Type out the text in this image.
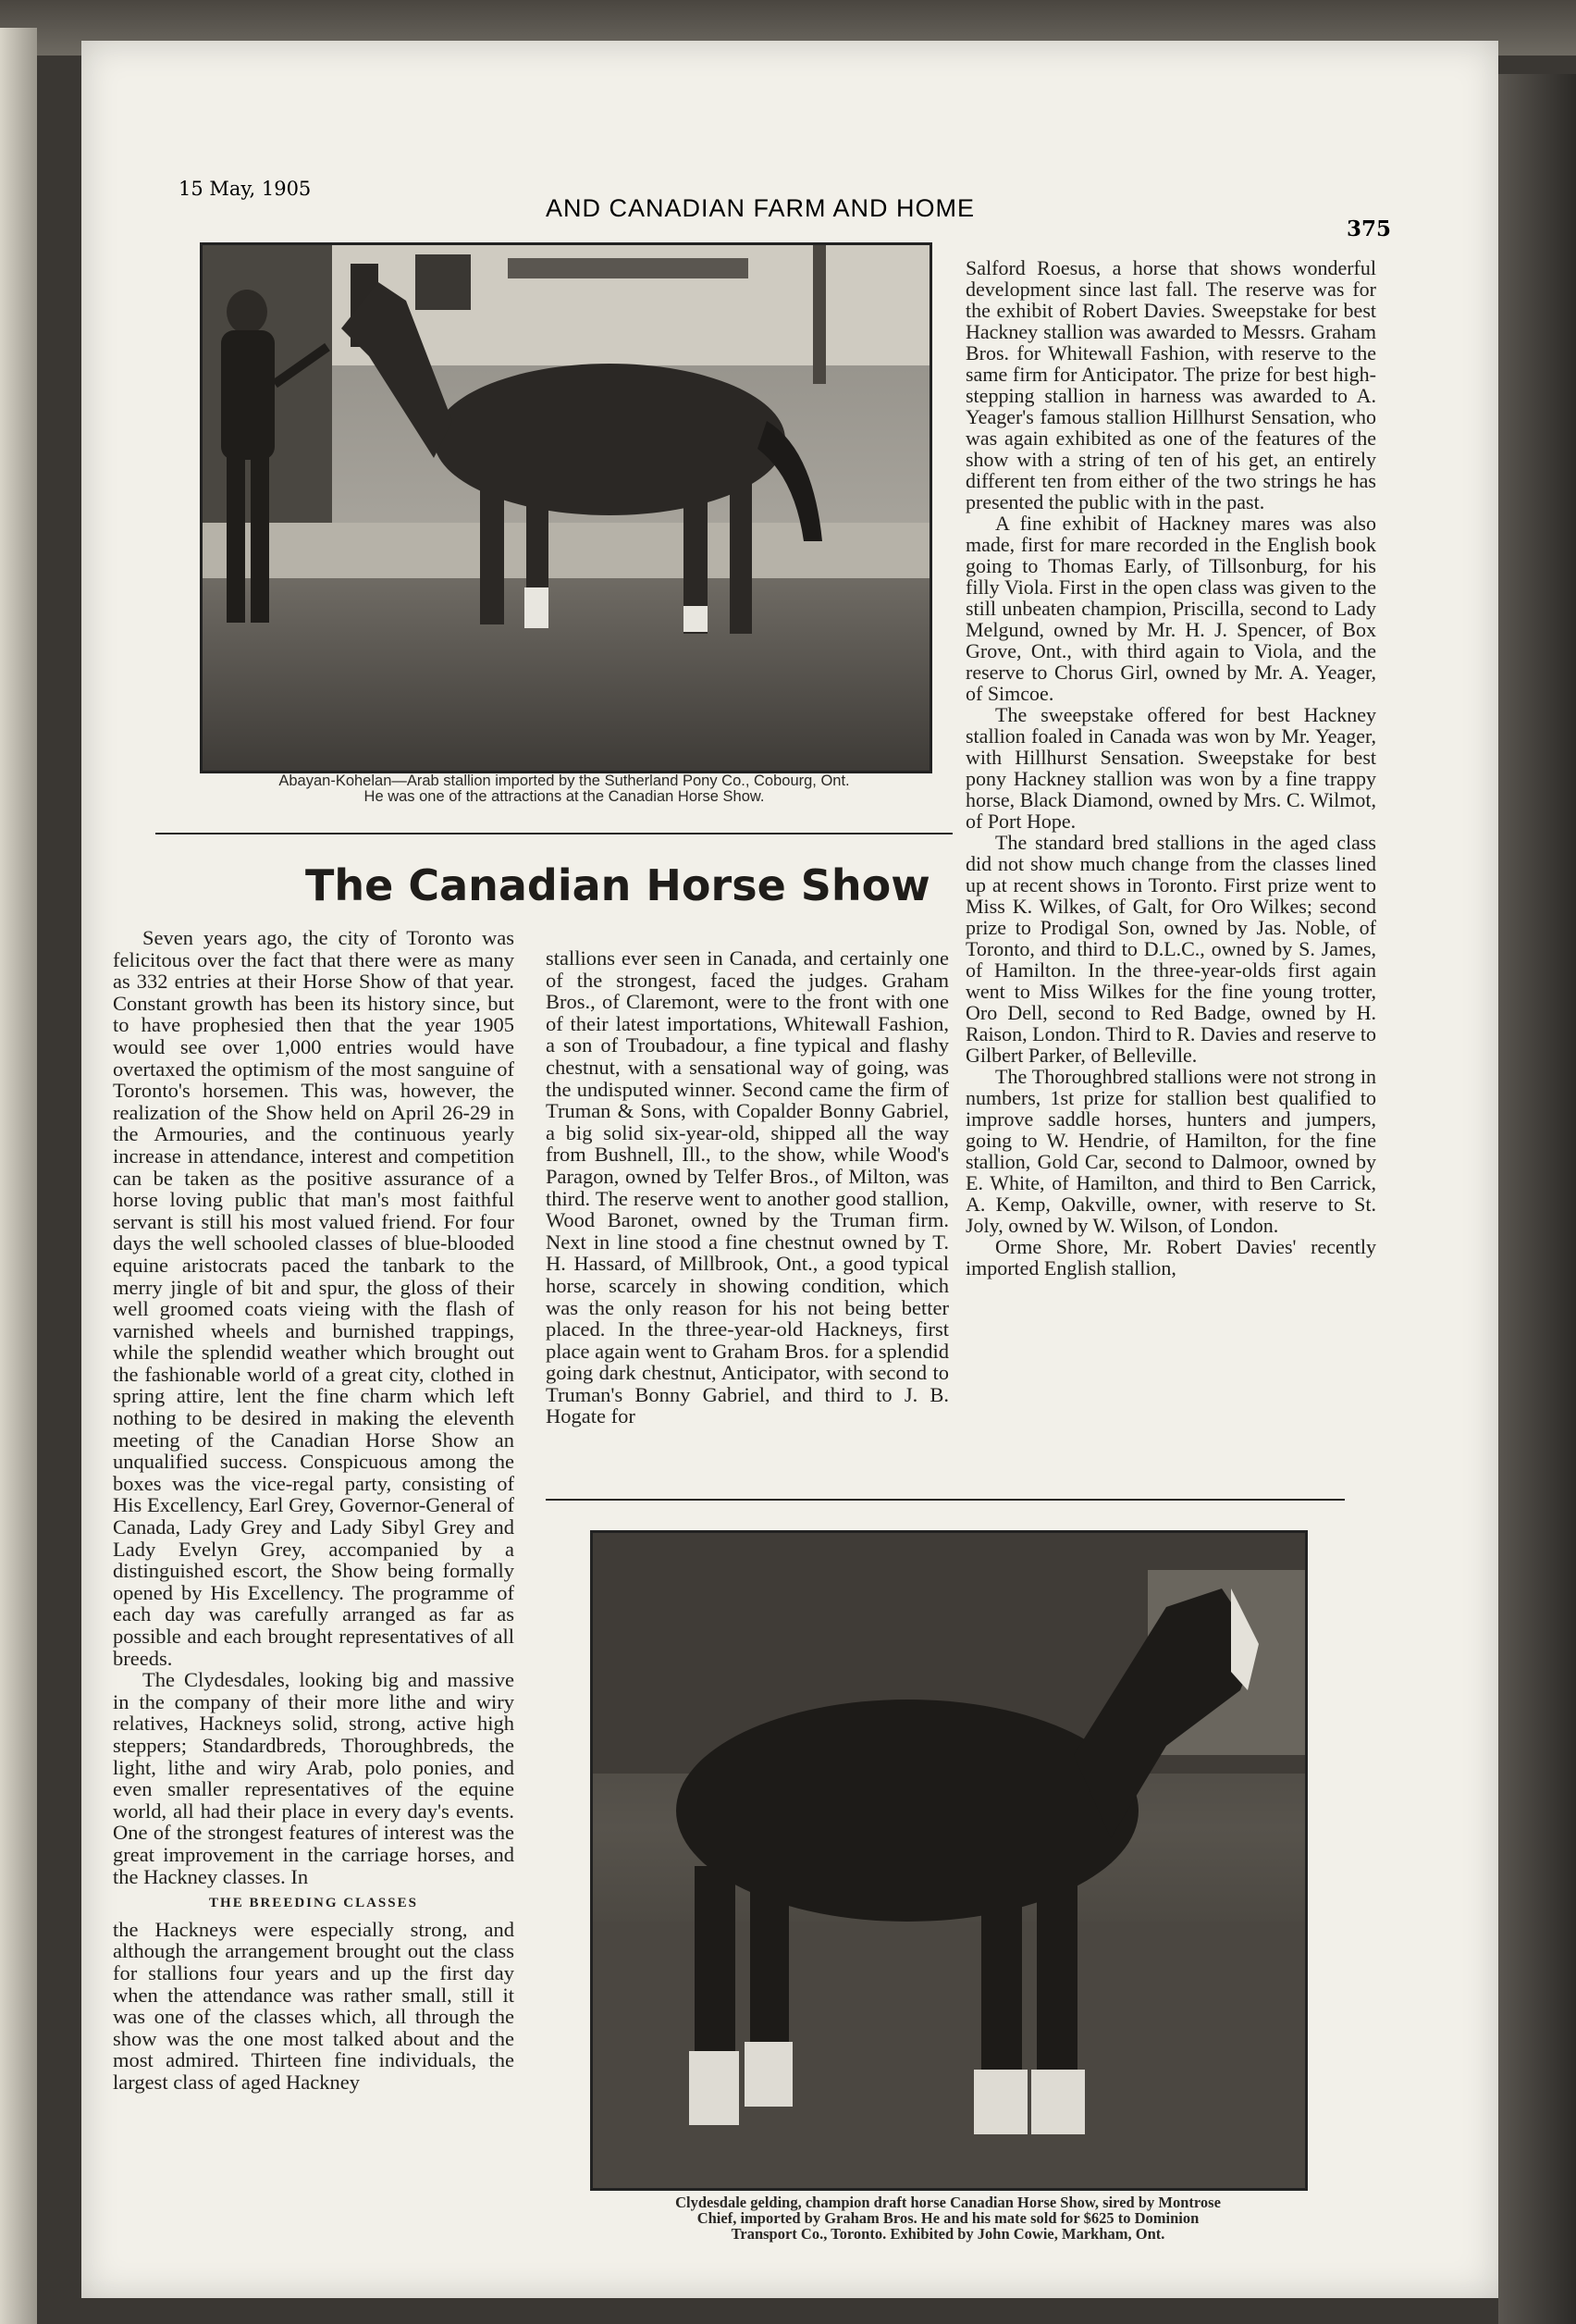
15 May, 1905
AND CANADIAN FARM AND HOME
375
Abayan-Kohelan—Arab stallion imported by the Sutherland Pony Co., Cobourg, Ont.
He was one of the attractions at the Canadian Horse Show.
The Canadian Horse Show

Seven years ago, the city of Toronto was felicitous over the fact that there were as many as 332 entries at their Horse Show of that year. Constant growth has been its history since, but to have prophesied then that the year 1905 would see over 1,000 entries would have overtaxed the optimism of the most sanguine of Toronto's horsemen. This was, however, the realization of the Show held on April 26-29 in the Armouries, and the continuous yearly increase in attendance, interest and competition can be taken as the positive assurance of a horse loving public that man's most faithful servant is still his most valued friend. For four days the well schooled classes of blue-blooded equine aristocrats paced the tanbark to the merry jingle of bit and spur, the gloss of their well groomed coats vieing with the flash of varnished wheels and burnished trappings, while the splendid weather which brought out the fashionable world of a great city, clothed in spring attire, lent the fine charm which left nothing to be desired in making the eleventh meeting of the Canadian Horse Show an unqualified success. Conspicuous among the boxes was the vice-regal party, consisting of His Excellency, Earl Grey, Governor-General of Canada, Lady Grey and Lady Sibyl Grey and Lady Evelyn Grey, accompanied by a distinguished escort, the Show being formally opened by His Excellency. The programme of each day was carefully arranged as far as possible and each brought representatives of all breeds.

The Clydesdales, looking big and massive in the company of their more lithe and wiry relatives, Hackneys solid, strong, active high steppers; Standardbreds, Thoroughbreds, the light, lithe and wiry Arab, polo ponies, and even smaller representatives of the equine world, all had their place in every day's events. One of the strongest features of interest was the great improvement in the carriage horses, and the Hackney classes. In

THE BREEDING CLASSES

the Hackneys were especially strong, and although the arrangement brought out the class for stallions four years and up the first day when the attendance was rather small, still it was one of the classes which, all through the show was the one most talked about and the most admired. Thirteen fine individuals, the largest class of aged Hackney

stallions ever seen in Canada, and certainly one of the strongest, faced the judges. Graham Bros., of Claremont, were to the front with one of their latest importations, Whitewall Fashion, a son of Troubadour, a fine typical and flashy chestnut, with a sensational way of going, was the undisputed winner. Second came the firm of Truman & Sons, with Copalder Bonny Gabriel, a big solid six-year-old, shipped all the way from Bushnell, Ill., to the show, while Wood's Paragon, owned by Telfer Bros., of Milton, was third. The reserve went to another good stallion, Wood Baronet, owned by the Truman firm. Next in line stood a fine chestnut owned by T. H. Hassard, of Millbrook, Ont., a good typical horse, scarcely in showing condition, which was the only reason for his not being better placed. In the three-year-old Hackneys, first place again went to Graham Bros. for a splendid going dark chestnut, Anticipator, with second to Truman's Bonny Gabriel, and third to J. B. Hogate for

Salford Roesus, a horse that shows wonderful development since last fall. The reserve was for the exhibit of Robert Davies. Sweepstake for best Hackney stallion was awarded to Messrs. Graham Bros. for Whitewall Fashion, with reserve to the same firm for Anticipator. The prize for best high-stepping stallion in harness was awarded to A. Yeager's famous stallion Hillhurst Sensation, who was again exhibited as one of the features of the show with a string of ten of his get, an entirely different ten from either of the two strings he has presented the public with in the past.

A fine exhibit of Hackney mares was also made, first for mare recorded in the English book going to Thomas Early, of Tillsonburg, for his filly Viola. First in the open class was given to the still unbeaten champion, Priscilla, second to Lady Melgund, owned by Mr. H. J. Spencer, of Box Grove, Ont., with third again to Viola, and the reserve to Chorus Girl, owned by Mr. A. Yeager, of Simcoe.

The sweepstake offered for best Hackney stallion foaled in Canada was won by Mr. Yeager, with Hillhurst Sensation. Sweepstake for best pony Hackney stallion was won by a fine trappy horse, Black Diamond, owned by Mrs. C. Wilmot, of Port Hope.

The standard bred stallions in the aged class did not show much change from the classes lined up at recent shows in Toronto. First prize went to Miss K. Wilkes, of Galt, for Oro Wilkes; second prize to Prodigal Son, owned by Jas. Noble, of Toronto, and third to D.L.C., owned by S. James, of Hamilton. In the three-year-olds first again went to Miss Wilkes for the fine young trotter, Oro Dell, second to Red Badge, owned by H. Raison, London. Third to R. Davies and reserve to Gilbert Parker, of Belleville.

The Thoroughbred stallions were not strong in numbers, 1st prize for stallion best qualified to improve saddle horses, hunters and jumpers, going to W. Hendrie, of Hamilton, for the fine stallion, Gold Car, second to Dalmoor, owned by E. White, of Hamilton, and third to Ben Carrick, A. Kemp, Oakville, owner, with reserve to St. Joly, owned by W. Wilson, of London.

Orme Shore, Mr. Robert Davies' recently imported English stallion,

Clydesdale gelding, champion draft horse Canadian Horse Show, sired by Montrose
Chief, imported by Graham Bros. He and his mate sold for $625 to Dominion
Transport Co., Toronto. Exhibited by John Cowie, Markham, Ont.
